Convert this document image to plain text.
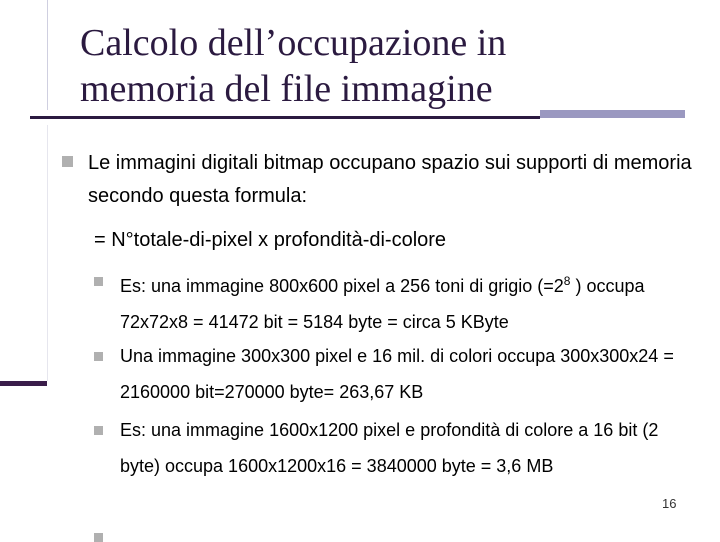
Calcolo dell’occupazione in
memoria del file immagine
Le immagini digitali bitmap occupano spazio sui supporti di memoria secondo questa formula:
= N°totale-di-pixel x profondità-di-colore
Es: una immagine 800x600 pixel a 256 toni di grigio ($=2^8$ ) occupa 72x72x8 = 41472 bit = 5184 byte = circa 5 KByte
Una immagine 300x300 pixel e 16 mil. di colori occupa 300x300x24 = 2160000 bit=270000 byte= 263,67 KB
Es: una immagine 1600x1200 pixel e profondità di colore a 16 bit (2 byte) occupa 1600x1200x16 = 3840000 byte = 3,6 MB
16
